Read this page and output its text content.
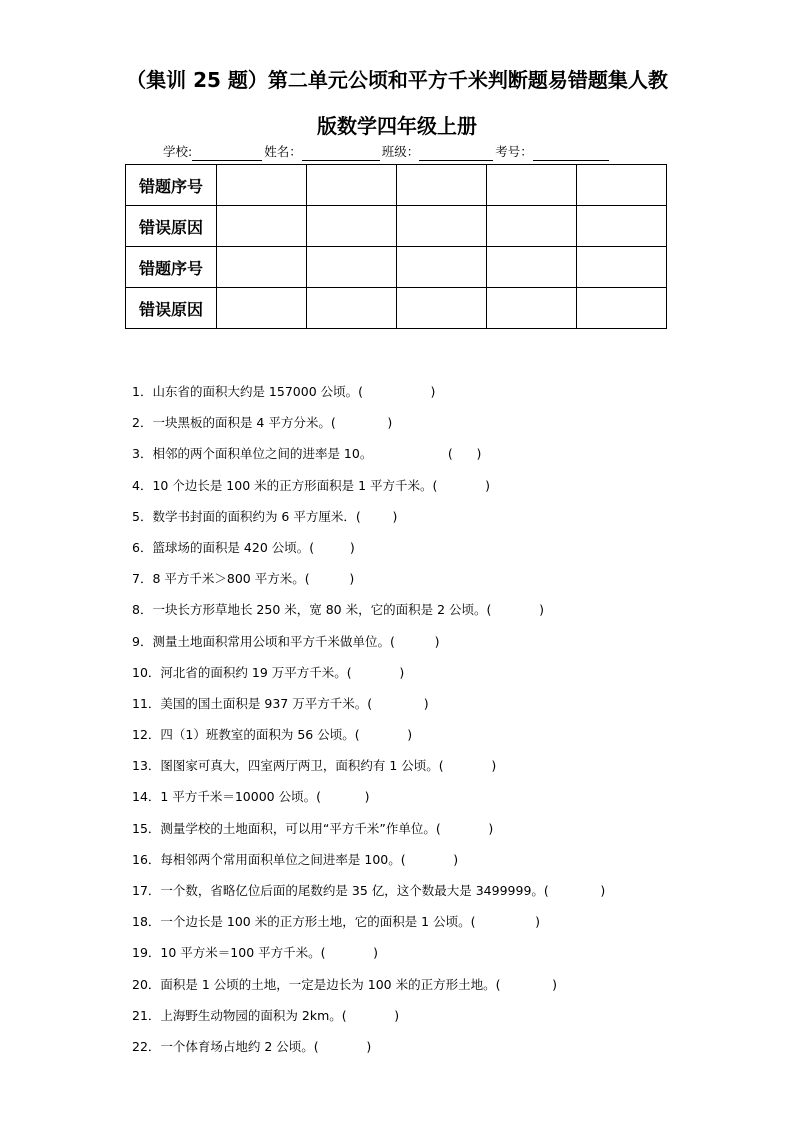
（集训 25 题）第二单元公顷和平方千米判断题易错题集人教
版数学四年级上册
学校:	姓名：	班级：	考号：
错题序号					
错误原因					
错题序号					
错误原因					
1．山东省的面积大约是 157000 公顷。(                 )
2．一块黑板的面积是 4 平方分米。(             )
3．相邻的两个面积单位之间的进率是 10。                   (      )
4．10 个边长是 100 米的正方形面积是 1 平方千米。(            )
5．数学书封面的面积约为 6 平方厘米．(        )
6．篮球场的面积是 420 公顷。(         )
7．8 平方千米＞800 平方米。(          )
8．一块长方形草地长 250 米，宽 80 米，它的面积是 2 公顷。(            )
9．测量土地面积常用公顷和平方千米做单位。(          )
10．河北省的面积约 19 万平方千米。(            )
11．美国的国土面积是 937 万平方千米。(             )
12．四（1）班教室的面积为 56 公顷。(            )
13．图图家可真大，四室两厅两卫，面积约有 1 公顷。(            )
14．1 平方千米＝10000 公顷。(           )
15．测量学校的土地面积，可以用“平方千米”作单位。(            )
16．每相邻两个常用面积单位之间进率是 100。(            )
17．一个数，省略亿位后面的尾数约是 35 亿，这个数最大是 3499999。(             )
18．一个边长是 100 米的正方形土地，它的面积是 1 公顷。(               )
19．10 平方米＝100 平方千米。(            )
20．面积是 1 公顷的土地，一定是边长为 100 米的正方形土地。(             )
21．上海野生动物园的面积为 2km。(            )
22．一个体育场占地约 2 公顷。(            )
